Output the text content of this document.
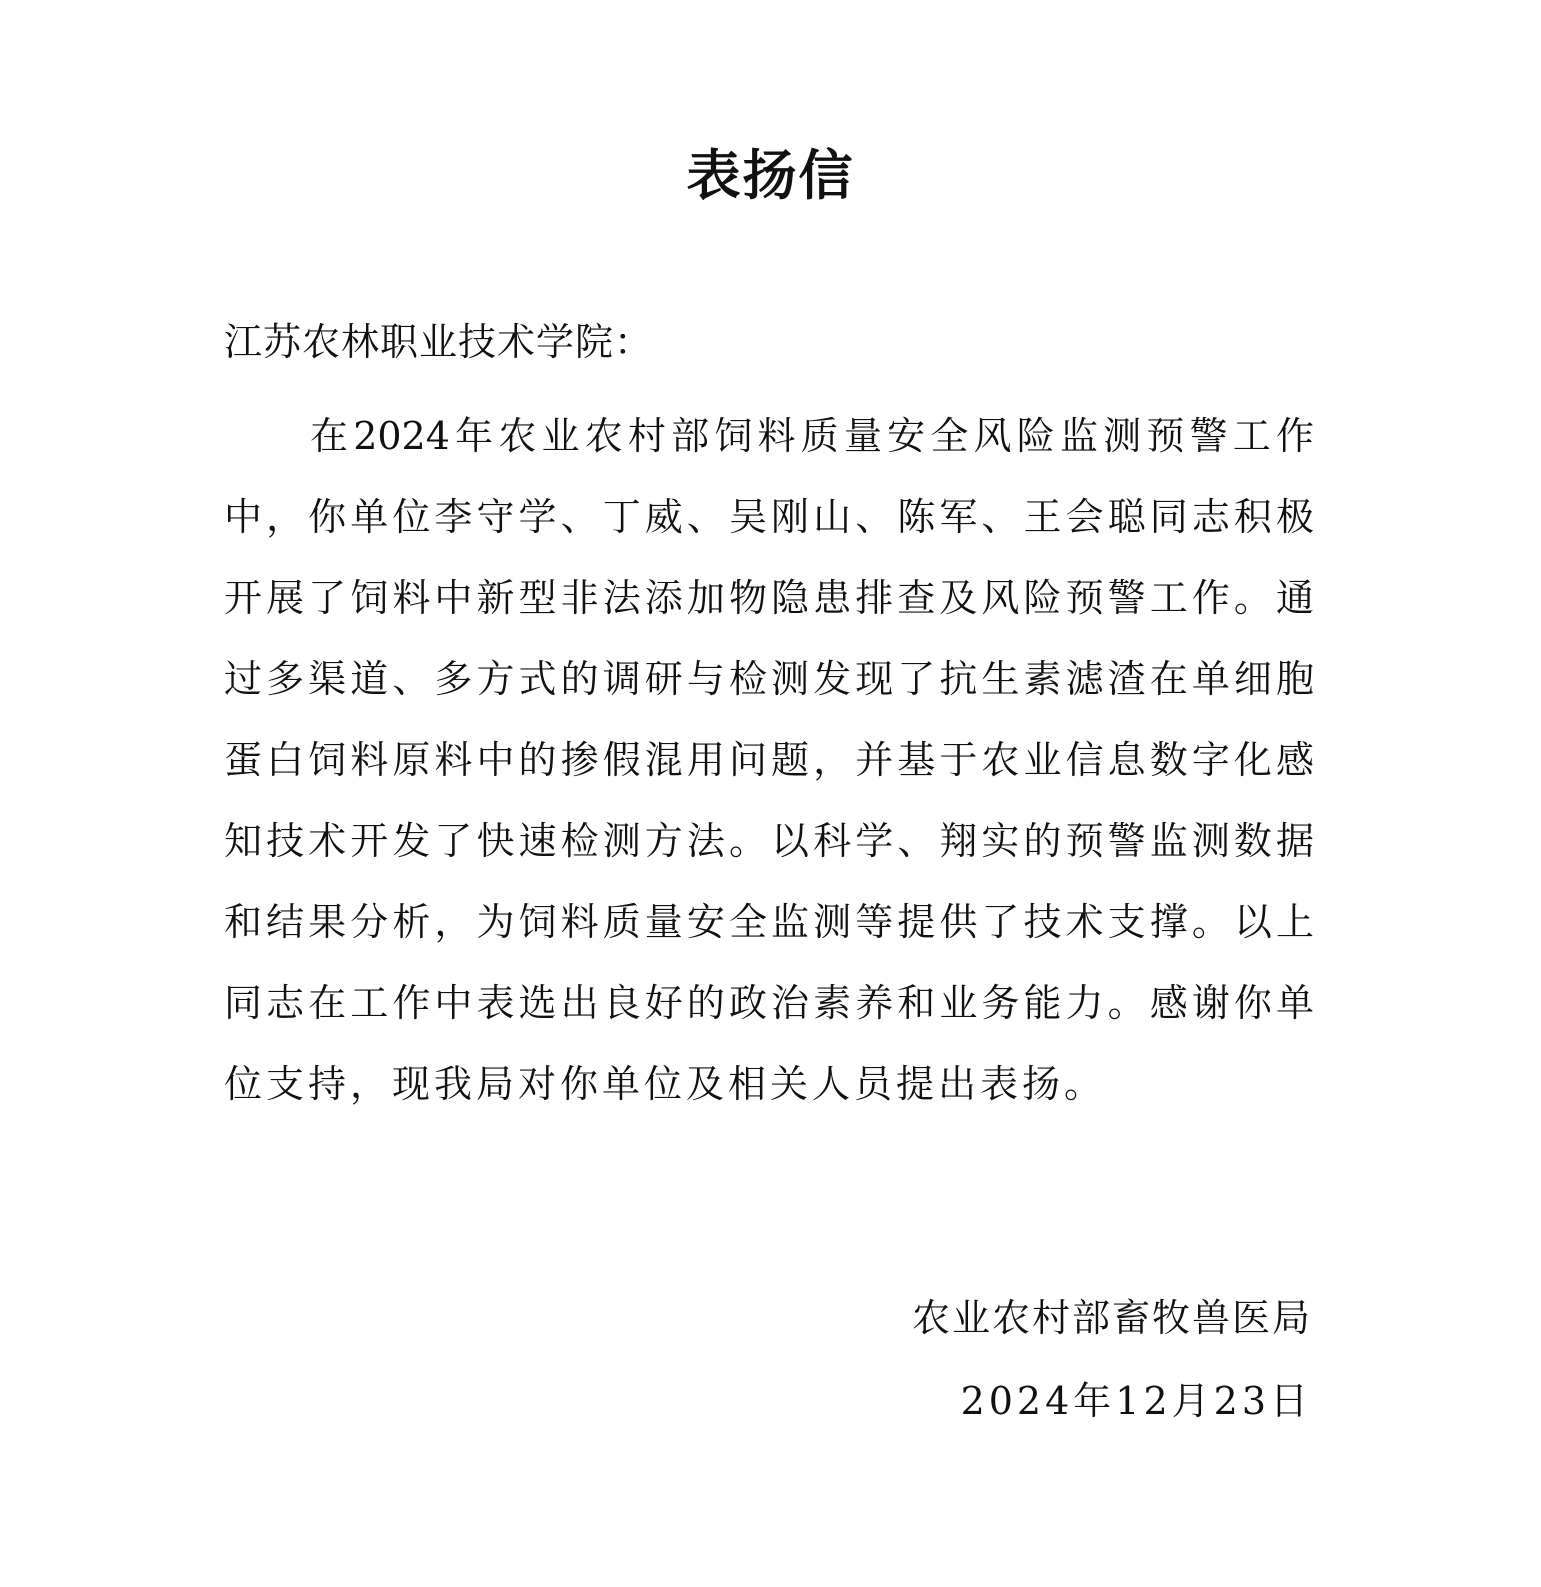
表扬信
江苏农林职业技术学院：
在2024年农业农村部饲料质量安全风险监测预警工作
中，你单位李守学、丁威、吴刚山、陈军、王会聪同志积极
开展了饲料中新型非法添加物隐患排查及风险预警工作。通
过多渠道、多方式的调研与检测发现了抗生素滤渣在单细胞
蛋白饲料原料中的掺假混用问题，并基于农业信息数字化感
知技术开发了快速检测方法。以科学、翔实的预警监测数据
和结果分析，为饲料质量安全监测等提供了技术支撑。以上
同志在工作中表选出良好的政治素养和业务能力。感谢你单
位支持，现我局对你单位及相关人员提出表扬。
农业农村部畜牧兽医局
2024年12月23日
